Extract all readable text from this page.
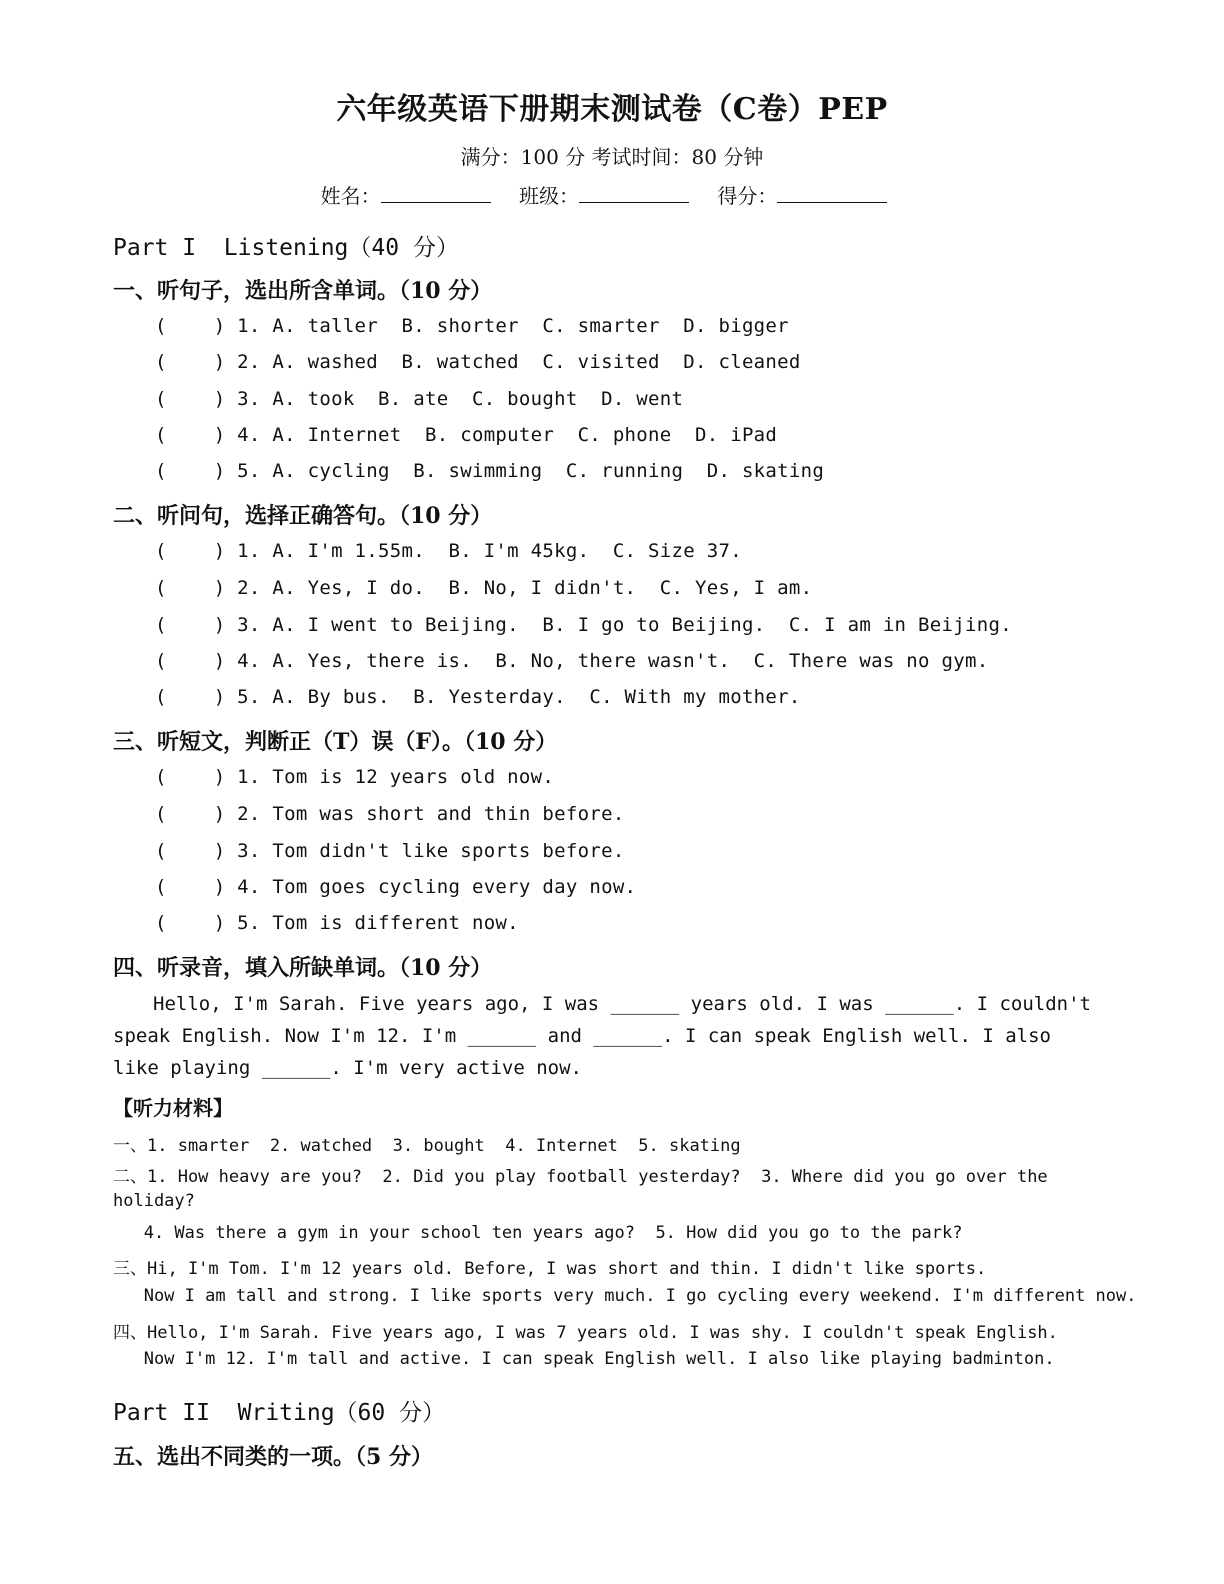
六年级英语下册期末测试卷（C卷）PEP
满分：100 分 考试时间：80 分钟
姓名：	班级：	得分：
Part I  Listening（40 分）
一、听句子，选出所含单词。（10 分）
(    ) 1. A. taller  B. shorter  C. smarter  D. bigger
(    ) 2. A. washed  B. watched  C. visited  D. cleaned
(    ) 3. A. took  B. ate  C. bought  D. went
(    ) 4. A. Internet  B. computer  C. phone  D. iPad
(    ) 5. A. cycling  B. swimming  C. running  D. skating
二、听问句，选择正确答句。（10 分）
(    ) 1. A. I'm 1.55m.  B. I'm 45kg.  C. Size 37.
(    ) 2. A. Yes, I do.  B. No, I didn't.  C. Yes, I am.
(    ) 3. A. I went to Beijing.  B. I go to Beijing.  C. I am in Beijing.
(    ) 4. A. Yes, there is.  B. No, there wasn't.  C. There was no gym.
(    ) 5. A. By bus.  B. Yesterday.  C. With my mother.
三、听短文，判断正（T）误（F）。（10 分）
(    ) 1. Tom is 12 years old now.
(    ) 2. Tom was short and thin before.
(    ) 3. Tom didn't like sports before.
(    ) 4. Tom goes cycling every day now.
(    ) 5. Tom is different now.
四、听录音，填入所缺单词。（10 分）
Hello, I'm Sarah. Five years ago, I was ______ years old. I was ______. I couldn't speak English. Now I'm 12. I'm ______ and ______. I can speak English well. I also like playing ______. I'm very active now.
【听力材料】
一、1. smarter  2. watched  3. bought  4. Internet  5. skating
二、1. How heavy are you?  2. Did you play football yesterday?  3. Where did you go over the
holiday?
4. Was there a gym in your school ten years ago?  5. How did you go to the park?
三、Hi, I'm Tom. I'm 12 years old. Before, I was short and thin. I didn't like sports.
Now I am tall and strong. I like sports very much. I go cycling every weekend. I'm different now.
四、Hello, I'm Sarah. Five years ago, I was 7 years old. I was shy. I couldn't speak English.
Now I'm 12. I'm tall and active. I can speak English well. I also like playing badminton.
Part II  Writing（60 分）
五、选出不同类的一项。（5 分）
